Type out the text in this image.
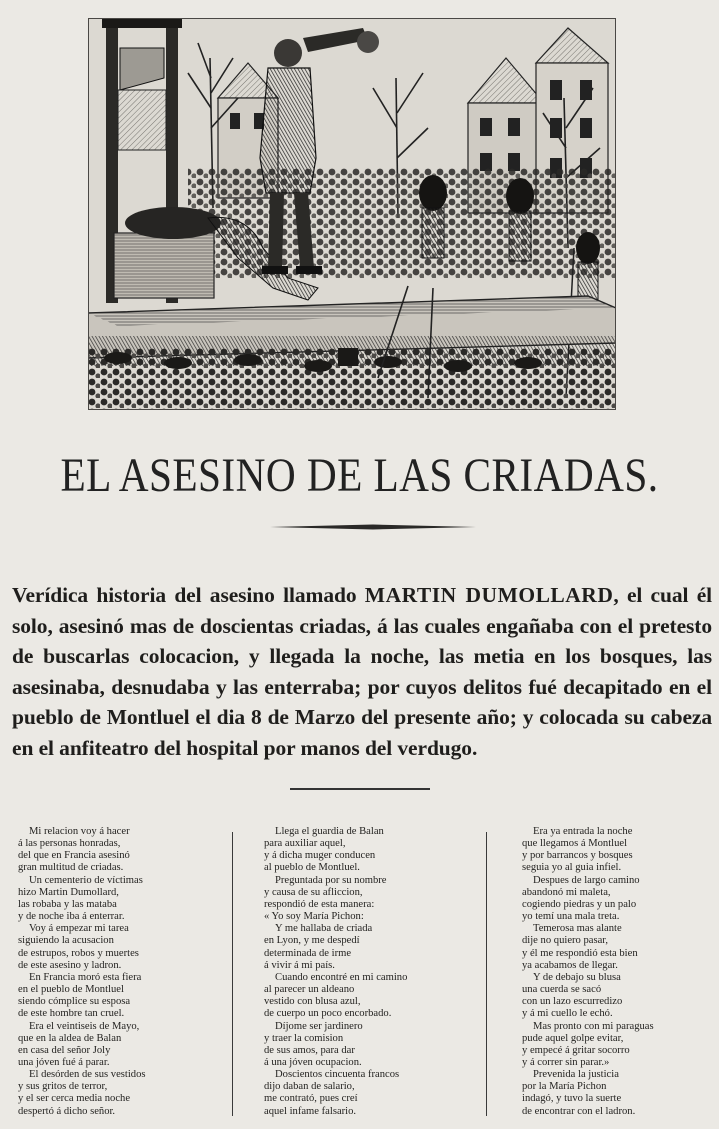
EL ASESINO DE LAS CRIADAS.

Verídica historia del asesino llamado MARTIN DUMOLLARD, el cual él solo, asesinó mas de doscientas criadas, á las cuales engañaba con el pretesto de buscarlas colocacion, y llegada la noche, las metia en los bosques, las asesinaba, desnudaba y las enterraba; por cuyos delitos fué decapitado en el pueblo de Montluel el dia 8 de Marzo del presente año; y colocada su cabeza en el anfiteatro del hospital por manos del verdugo.

Mi relacion voy á hacer
á las personas honradas,
del que en Francia asesinó
gran multitud de criadas.
Un cementerio de víctimas
hizo Martin Dumollard,
las robaba y las mataba
y de noche iba á enterrar.
Voy á empezar mi tarea
siguiendo la acusacion
de estrupos, robos y muertes
de este asesino y ladron.
En Francia moró esta fiera
en el pueblo de Montluel
siendo cómplice su esposa
de este hombre tan cruel.
Era el veintiseis de Mayo,
que en la aldea de Balan
en casa del señor Joly
una jóven fué á parar.
El desórden de sus vestidos
y sus gritos de terror,
y el ser cerca media noche
despertó á dicho señor.
Llega el guardia de Balan
para auxiliar aquel,
y á dicha muger conducen
al pueblo de Montluel.
Preguntada por su nombre
y causa de su afliccion,
respondió de esta manera:
« Yo soy María Pichon:
Y me hallaba de criada
en Lyon, y me despedí
determinada de irme
á vivir á mi país.
Cuando encontré en mi camino
al parecer un aldeano
vestido con blusa azul,
de cuerpo un poco encorbado.
Díjome ser jardinero
y traer la comision
de sus amos, para dar
á una jóven ocupacion.
Doscientos cincuenta francos
dijo daban de salario,
me contrató, pues creí
aquel infame falsario.
Era ya entrada la noche
que llegamos á Montluel
y por barrancos y bosques
seguia yo al guia infiel.
Despues de largo camino
abandonó mi maleta,
cogiendo piedras y un palo
yo temí una mala treta.
Temerosa mas alante
dije no quiero pasar,
y él me respondió esta bien
ya acabamos de llegar.
Y de debajo su blusa
una cuerda se sacó
con un lazo escurredizo
y á mi cuello le echó.
Mas pronto con mi paraguas
pude aquel golpe evitar,
y empecé á gritar socorro
y á correr sin parar.»
Prevenida la justicia
por la María Pichon
indagó, y tuvo la suerte
de encontrar con el ladron.
